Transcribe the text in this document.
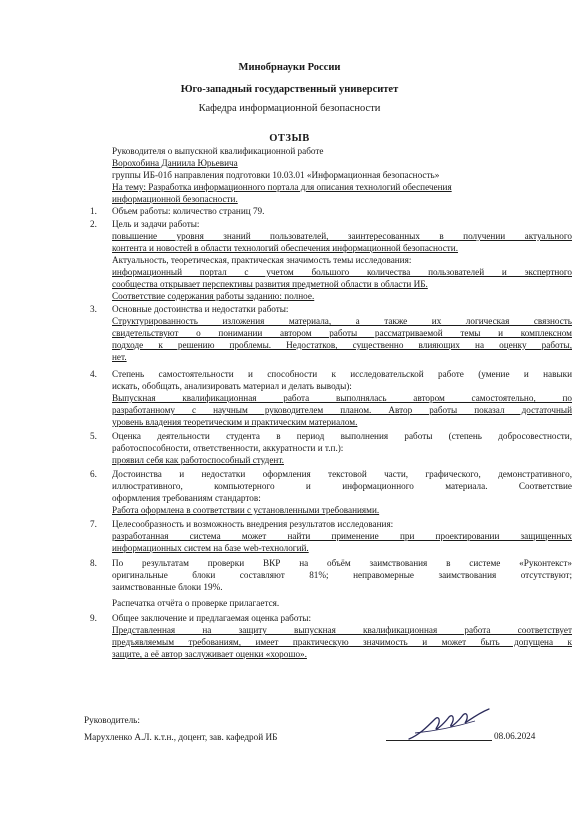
Минобрнауки России
Юго-западный государственный университет
Кафедра информационной безопасности
ОТЗЫВ
Руководителя о выпускной квалификационной работе
Ворохобина Даниила Юрьевича
группы ИБ-01б направления подготовки 10.03.01 «Информационная безопасность»
На тему: Разработка информационного портала для описания технологий обеспечения
информационной безопасности.
1. Объем работы: количество страниц 79.
2. Цель и задачи работы:
повышение уровня знаний пользователей, заинтересованных в получении актуального
контента и новостей в области технологий обеспечения информационной безопасности.
Актуальность, теоретическая, практическая значимость темы исследования:
информационный портал с учетом большого количества пользователей и экспертного
сообщества открывает перспективы развития предметной области в области ИБ.
Соответствие содержания работы заданию: полное.
3. Основные достоинства и недостатки работы:
Структурированность изложения материала, а также их логическая связность
свидетельствуют о понимании автором работы рассматриваемой темы и комплексном
подходе к решению проблемы. Недостатков, существенно влияющих на оценку работы,
нет.
4. Степень самостоятельности и способности к исследовательской работе (умение и навыки
искать, обобщать, анализировать материал и делать выводы):
Выпускная квалификационная работа выполнялась автором самостоятельно, по
разработанному с научным руководителем планом. Автор работы показал достаточный
уровень владения теоретическим и практическим материалом.
5. Оценка деятельности студента в период выполнения работы (степень добросовестности,
работоспособности, ответственности, аккуратности и т.п.):
проявил себя как работоспособный студент.
6. Достоинства и недостатки оформления текстовой части, графического, демонстративного,
иллюстративного, компьютерного и информационного материала. Соответствие
оформления требованиям стандартов:
Работа оформлена в соответствии с установленными требованиями.
7. Целесообразность и возможность внедрения результатов исследования:
разработанная система может найти применение при проектировании защищенных
информационных систем на базе web-технологий.
8. По результатам проверки ВКР на объём заимствования в системе «Руконтекст»
оригинальные блоки составляют 81%; неправомерные заимствования отсутствуют;
заимствованные блоки 19%.
Распечатка отчёта о проверке прилагается.
9. Общее заключение и предлагаемая оценка работы:
Представленная на защиту выпускная квалификационная работа соответствует
предъявляемым требованиям, имеет практическую значимость и может быть допущена к
защите, а её автор заслуживает оценки «хорошо».
Руководитель:
Марухленко А.Л. к.т.н., доцент, зав. кафедрой ИБ	08.06.2024
